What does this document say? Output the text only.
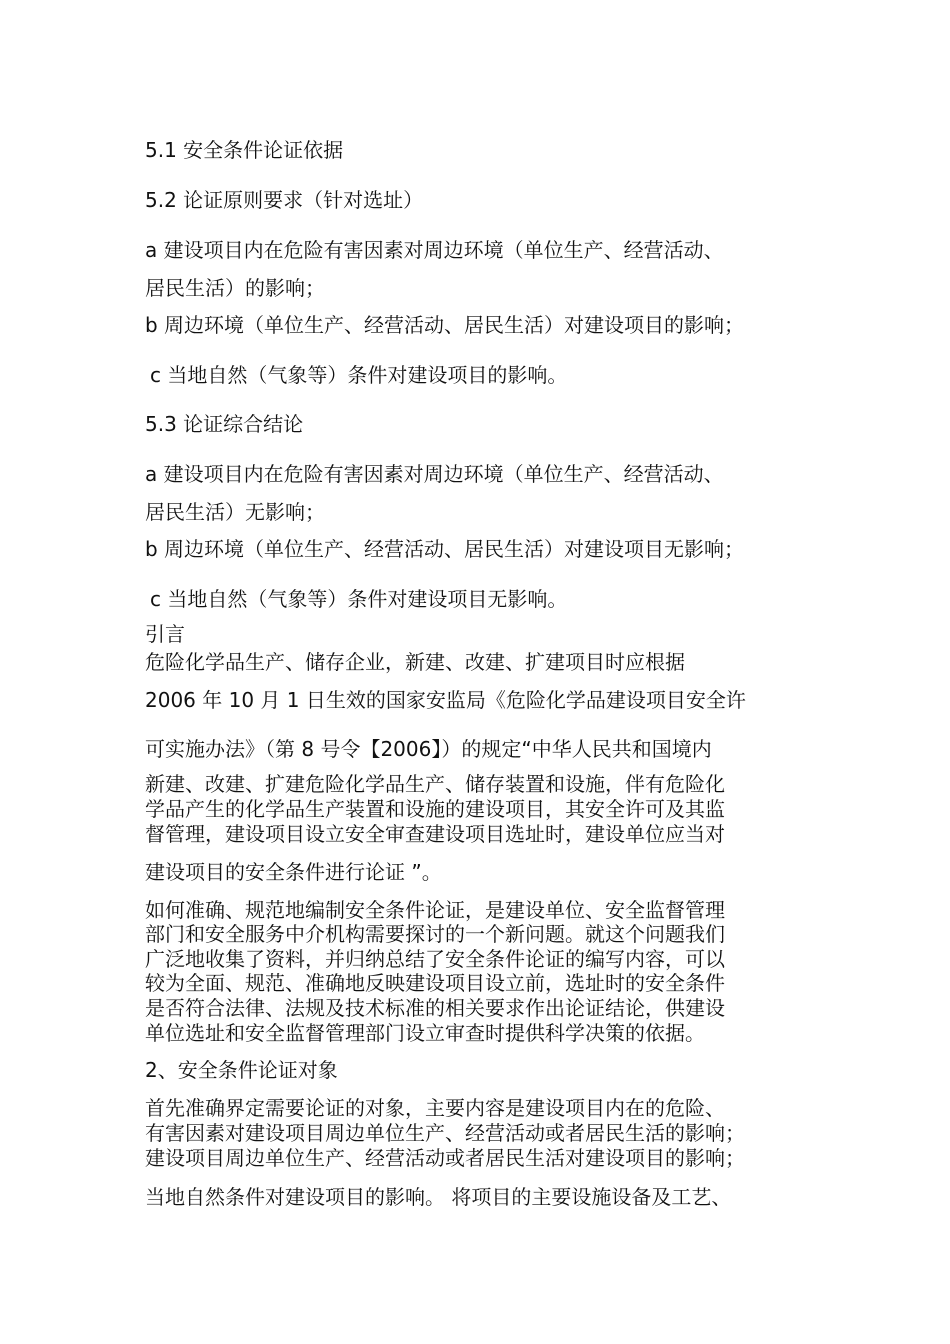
5.1 安全条件论证依据
5.2 论证原则要求（针对选址）
a 建设项目内在危险有害因素对周边环境（单位生产、经营活动、
居民生活）的影响；
b 周边环境（单位生产、经营活动、居民生活）对建设项目的影响；
c 当地自然（气象等）条件对建设项目的影响。
5.3 论证综合结论
a 建设项目内在危险有害因素对周边环境（单位生产、经营活动、
居民生活）无影响；
b 周边环境（单位生产、经营活动、居民生活）对建设项目无影响；
c 当地自然（气象等）条件对建设项目无影响。
引言
危险化学品生产、储存企业，新建、改建、扩建项目时应根据
2006 年 10 月 1 日生效的国家安监局《危险化学品建设项目安全许
可实施办法》（第 8 号令【2006】）的规定“中华人民共和国境内
新建、改建、扩建危险化学品生产、储存装置和设施，伴有危险化
学品产生的化学品生产装置和设施的建设项目，其安全许可及其监
督管理，建设项目设立安全审查建设项目选址时，建设单位应当对
建设项目的安全条件进行论证 ”。
如何准确、规范地编制安全条件论证，是建设单位、安全监督管理
部门和安全服务中介机构需要探讨的一个新问题。就这个问题我们
广泛地收集了资料，并归纳总结了安全条件论证的编写内容，可以
较为全面、规范、准确地反映建设项目设立前，选址时的安全条件
是否符合法律、法规及技术标准的相关要求作出论证结论，供建设
单位选址和安全监督管理部门设立审查时提供科学决策的依据。
2、安全条件论证对象
首先准确界定需要论证的对象，主要内容是建设项目内在的危险、
有害因素对建设项目周边单位生产、经营活动或者居民生活的影响；
建设项目周边单位生产、经营活动或者居民生活对建设项目的影响；
当地自然条件对建设项目的影响。 将项目的主要设施设备及工艺、
